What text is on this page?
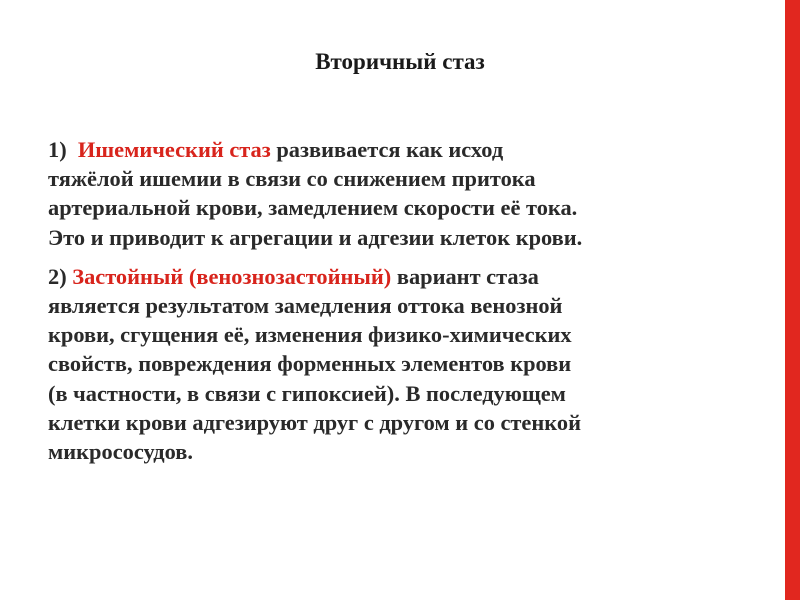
Вторичный стаз

1) Ишемический стаз развивается как исход
тяжёлой ишемии в связи со снижением притока
артериальной крови, замедлением скорости её тока.
Это и приводит к агрегации и адгезии клеток крови.

2) Застойный (венознозастойный) вариант стаза
является результатом замедления оттока венозной
крови, сгущения её, изменения физико‑химических
свойств, повреждения форменных элементов крови
(в частности, в связи с гипоксией). В последующем
клетки крови адгезируют друг с другом и со стенкой
микрососудов.
